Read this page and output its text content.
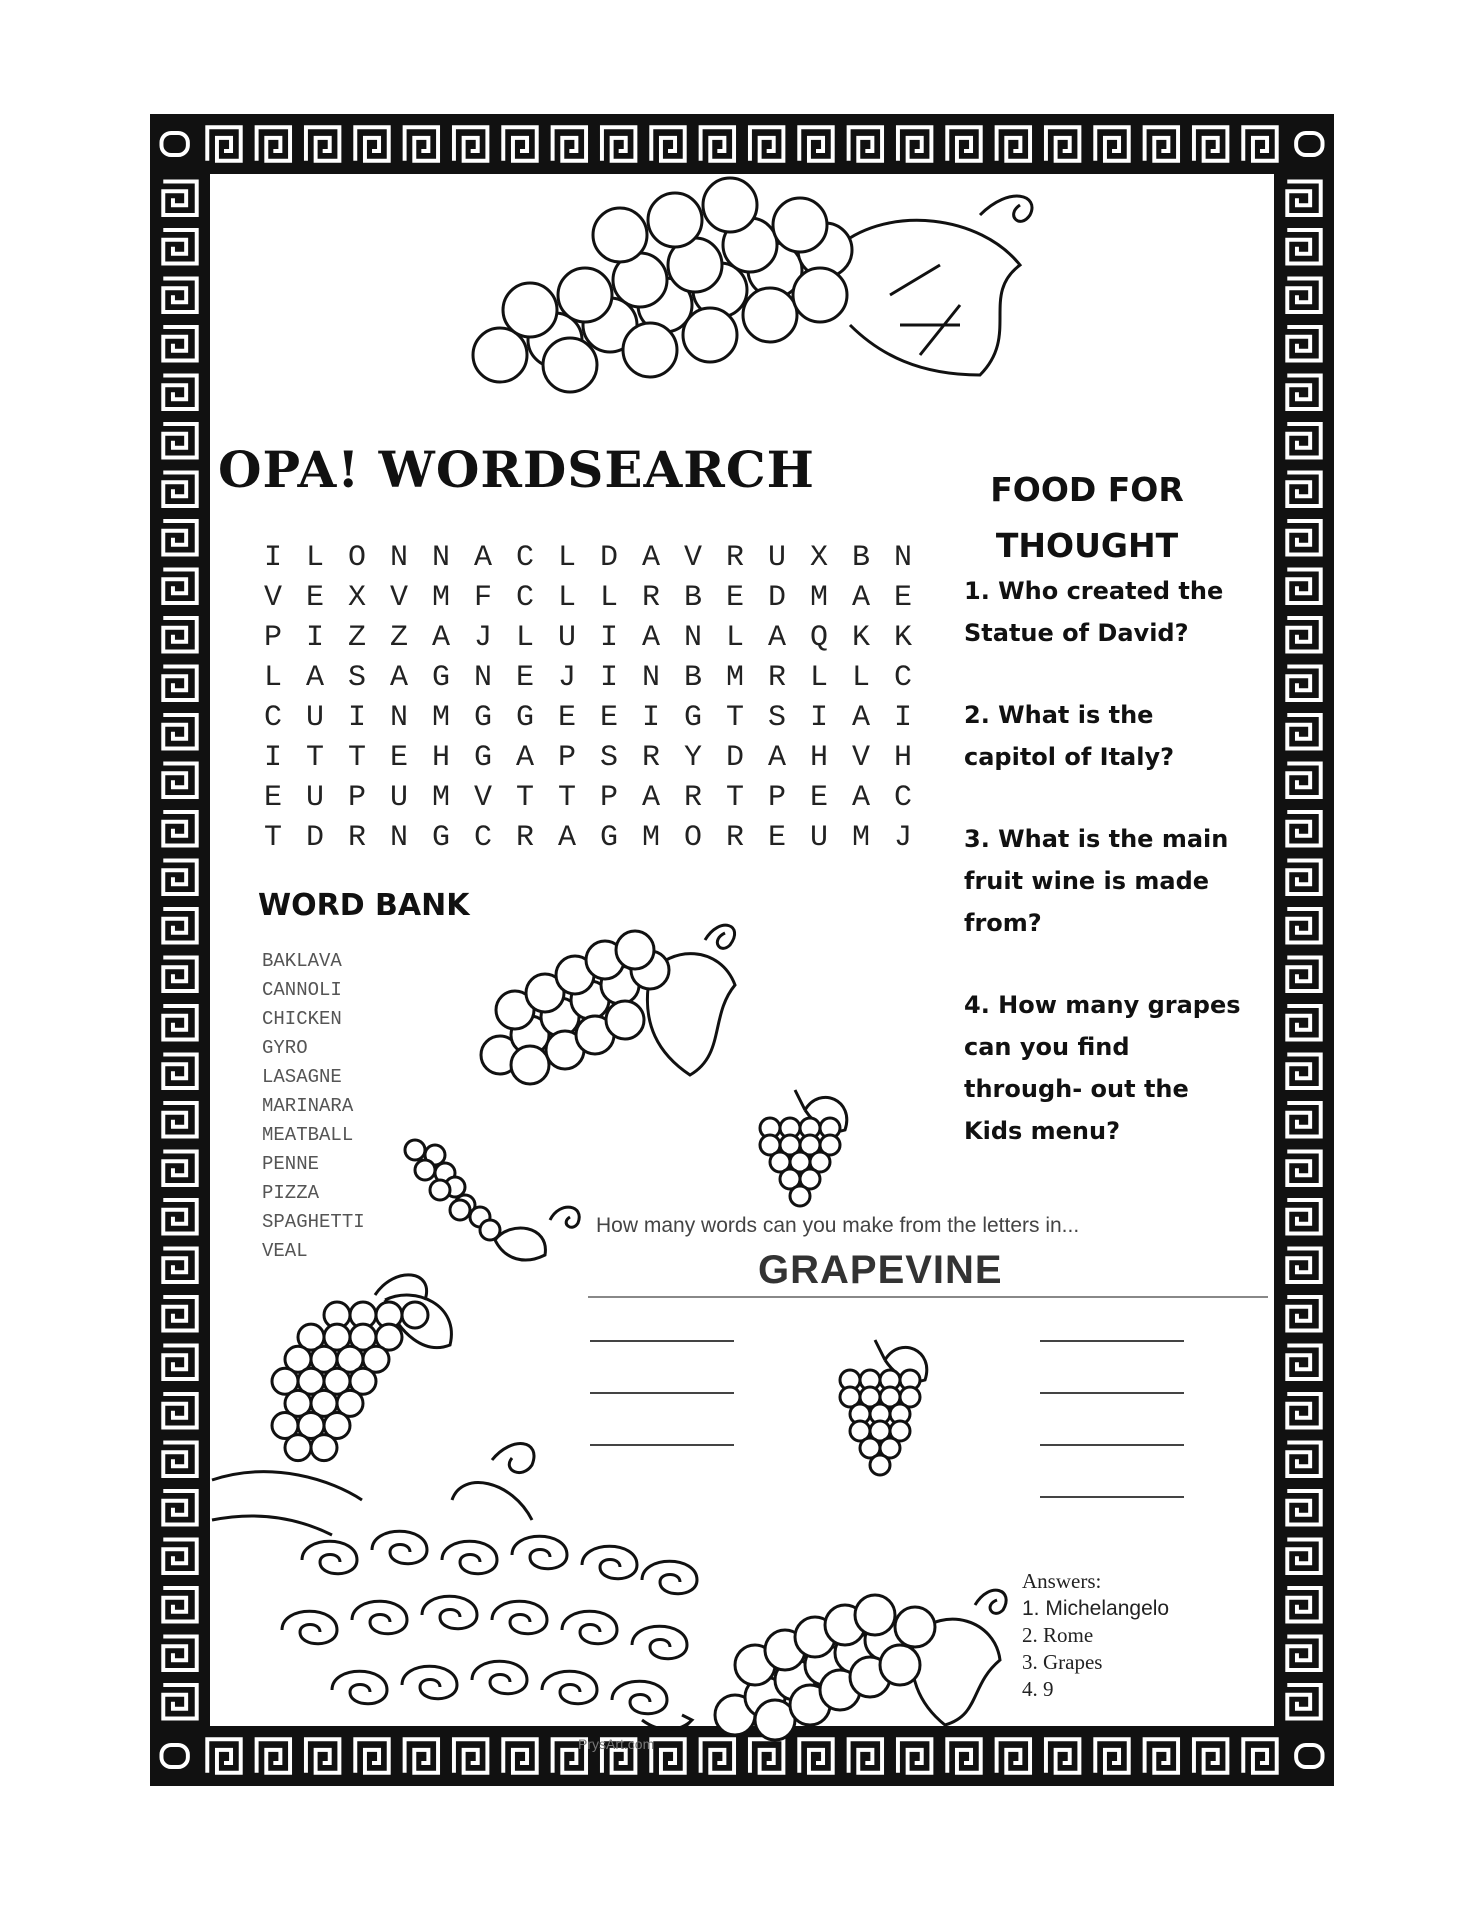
OPA! WORDSEARCH
I L O N N A C L D A V R U X B N
V E X V M F C L L R B E D M A E
P I Z Z A J L U I A N L A Q K K
L A S A G N E J I N B M R L L C
C U I N M G G E E I G T S I A I
I T T E H G A P S R Y D A H V H
E U P U M V T T P A R T P E A C
T D R N G C R A G M O R E U M J
WORD BANK
BAKLAVA
CANNOLI
CHICKEN
GYRO
LASAGNE
MARINARA
MEATBALL
PENNE
PIZZA
SPAGHETTI
VEAL
FOOD FOR
THOUGHT
1. Who created the Statue of David?
2. What is the capitol of Italy?
3. What is the main fruit wine is made from?
4. How many grapes can you find through- out the Kids menu?
How many words can you make from the letters in...
GRAPEVINE
Answers:
1. Michelangelo
2. Rome
3. Grapes
4. 9
PrysArt.com
